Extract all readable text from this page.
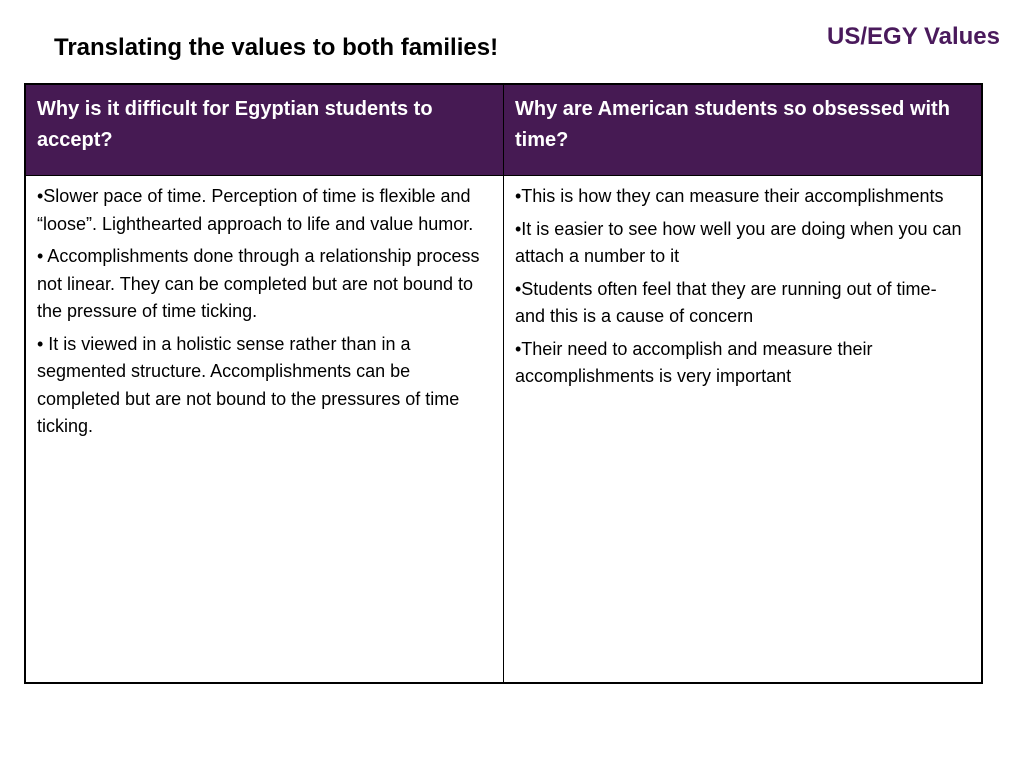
US/EGY Values
Translating the values to both families!
Why is it difficult for Egyptian students to accept?
Why are American students so obsessed with time?

•Slower pace of time. Perception of time is flexible and “loose”. Lighthearted approach to life and value humor.

• Accomplishments done through a relationship process not linear. They can be completed but are not bound to the pressure of time ticking.

• It is viewed in a holistic sense rather than in a segmented structure. Accomplishments can be completed but are not bound to the pressures of time ticking.

•This is how they can measure their accomplishments

•It is easier to see how well you are doing when you can attach a number to it

•Students often feel that they are running out of time- and this is a cause of concern

•Their need to accomplish and measure their accomplishments is very important
